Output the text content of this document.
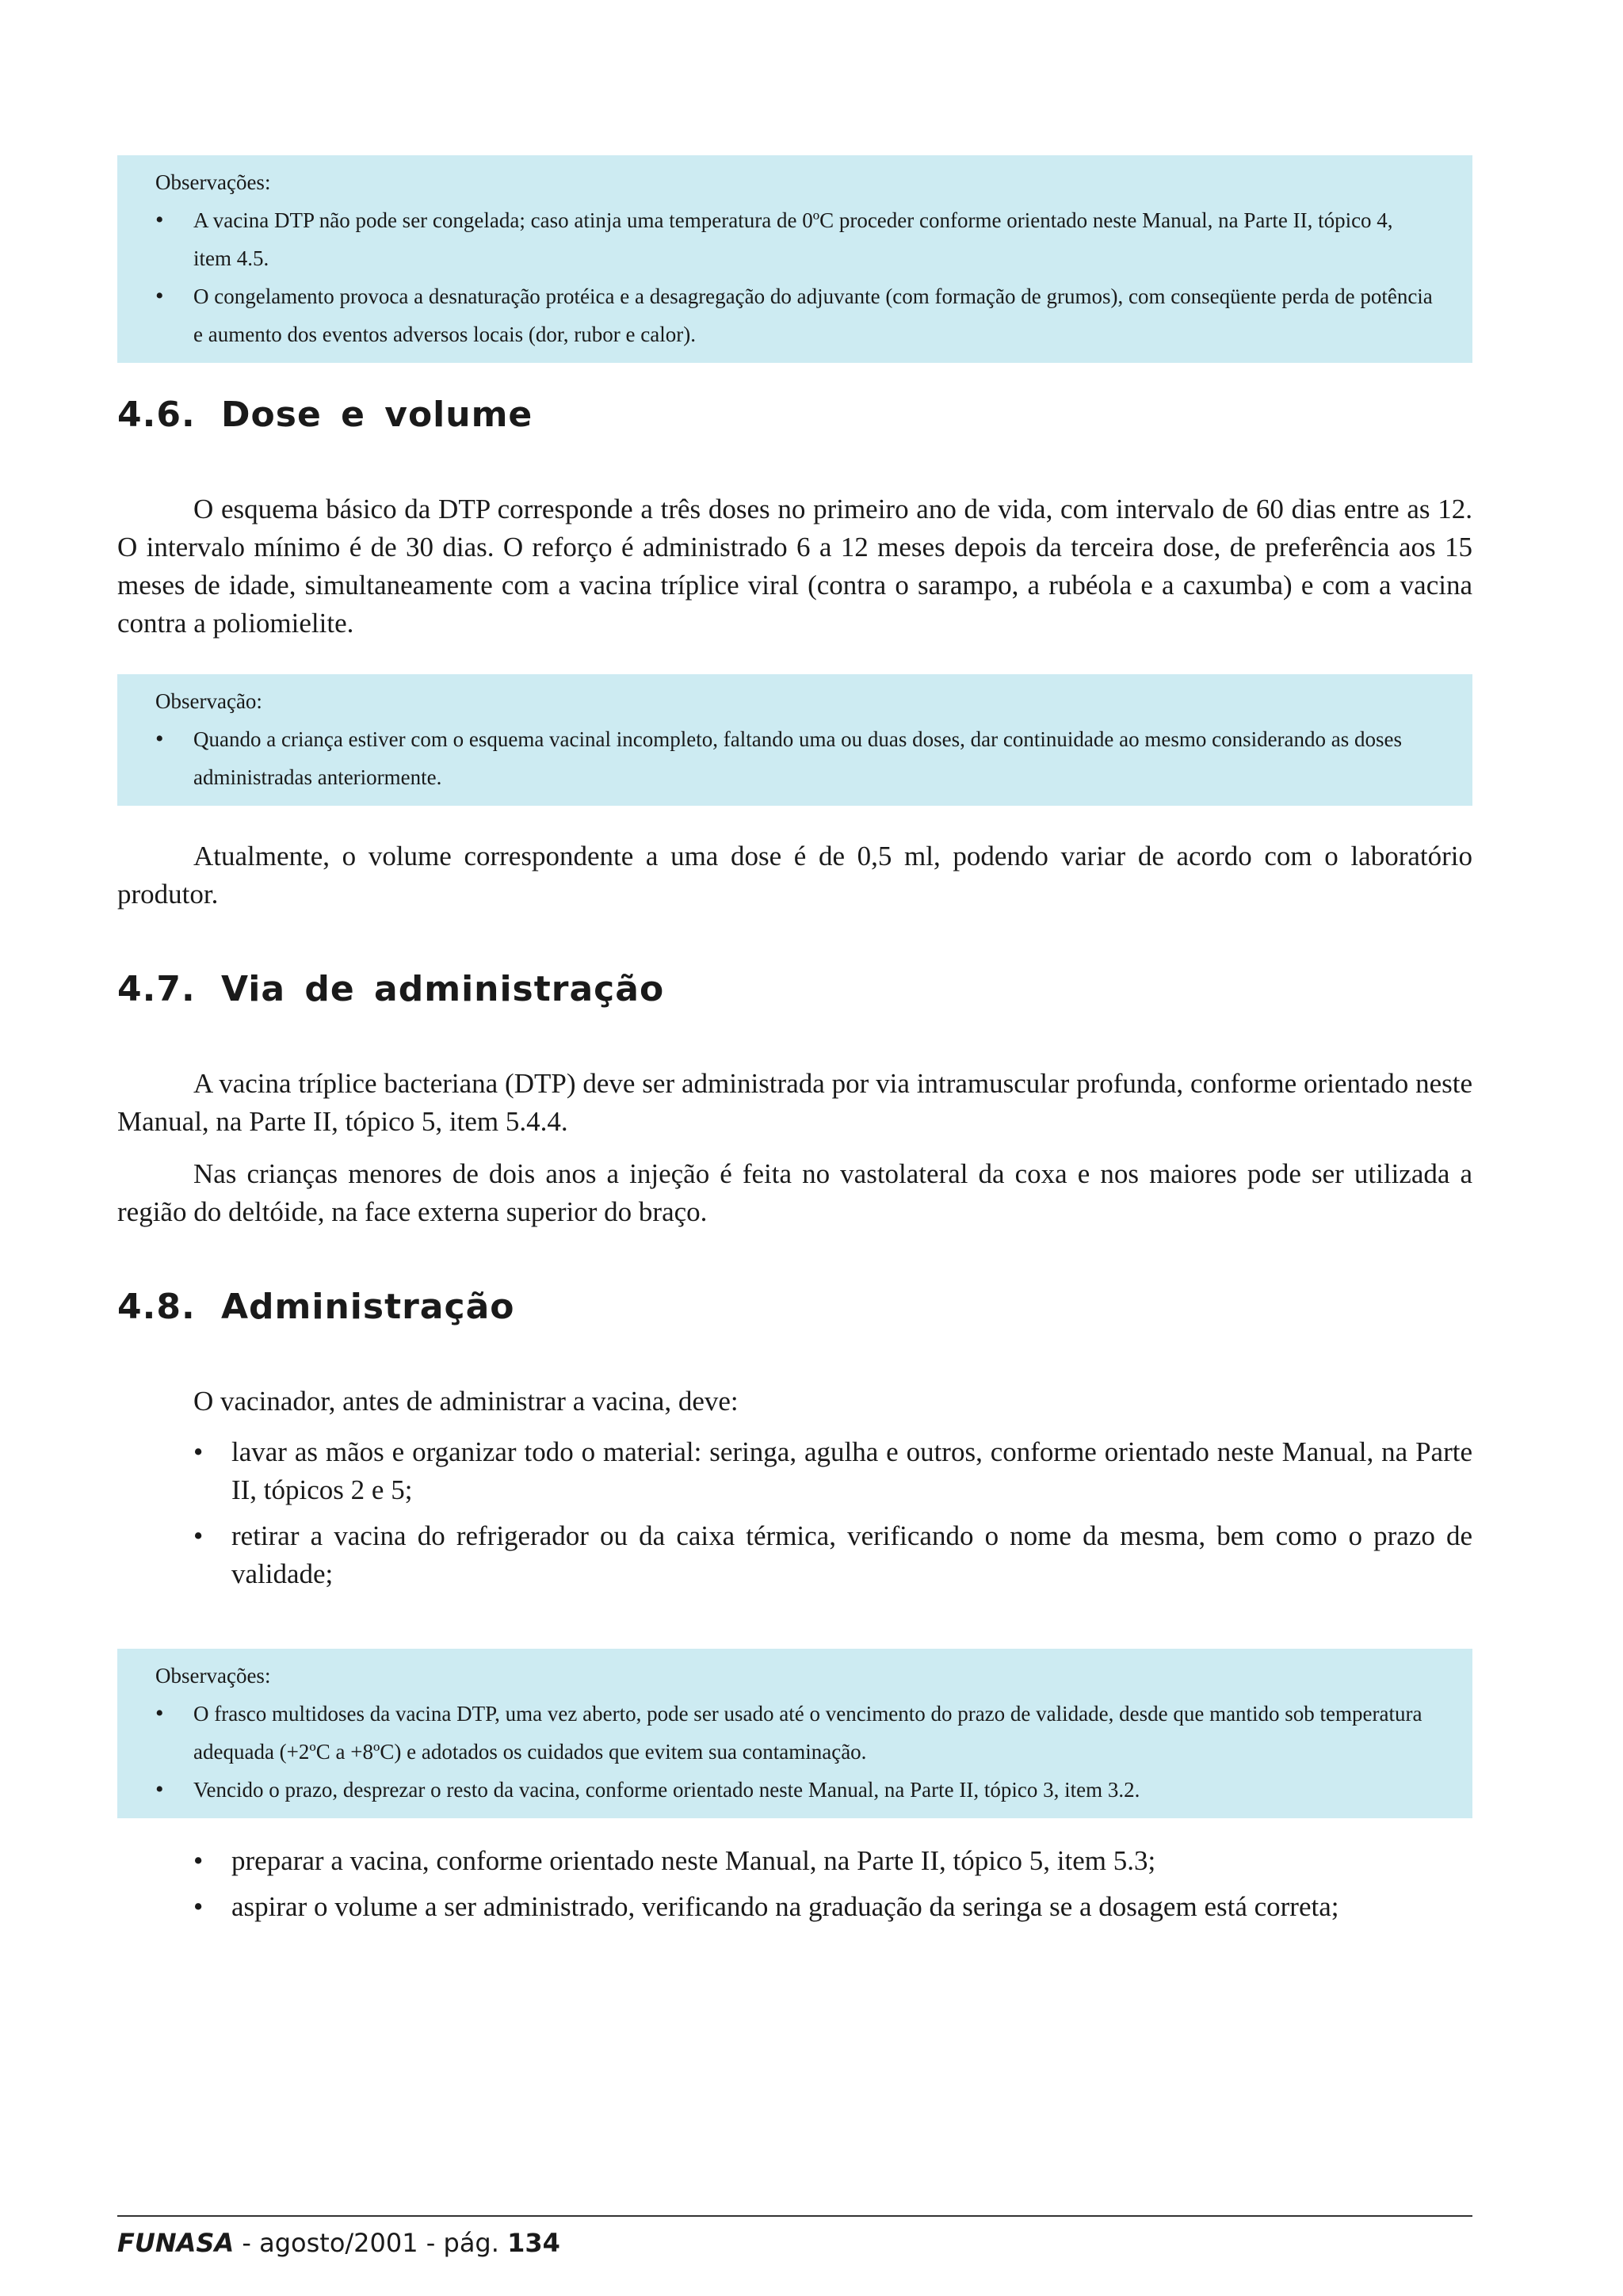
Observações:
• A vacina DTP não pode ser congelada; caso atinja uma temperatura de 0ºC proceder conforme orientado neste Manual, na Parte II, tópico 4, item 4.5.
• O congelamento provoca a desnaturação protéica e a desagregação do adjuvante (com formação de grumos), com conseqüente perda de potência e aumento dos eventos adversos locais (dor, rubor e calor).
4.6. Dose e volume

O esquema básico da DTP corresponde a três doses no primeiro ano de vida, com intervalo de 60 dias entre as 12. O intervalo mínimo é de 30 dias. O reforço é administrado 6 a 12 meses depois da terceira dose, de preferência aos 15 meses de idade, simultaneamente com a vacina tríplice viral (contra o sarampo, a rubéola e a caxumba) e com a vacina contra a poliomielite.

Observação:
• Quando a criança estiver com o esquema vacinal incompleto, faltando uma ou duas doses, dar continuidade ao mesmo considerando as doses administradas anteriormente.

Atualmente, o volume correspondente a uma dose é de 0,5 ml, podendo variar de acordo com o laboratório produtor.

4.7. Via de administração

A vacina tríplice bacteriana (DTP) deve ser administrada por via intramuscular profunda, conforme orientado neste Manual, na Parte II, tópico 5, item 5.4.4.

Nas crianças menores de dois anos a injeção é feita no vastolateral da coxa e nos maiores pode ser utilizada a região do deltóide, na face externa superior do braço.

4.8. Administração

O vacinador, antes de administrar a vacina, deve:

• lavar as mãos e organizar todo o material: seringa, agulha e outros, conforme orientado neste Manual, na Parte II, tópicos 2 e 5;
• retirar a vacina do refrigerador ou da caixa térmica, verificando o nome da mesma, bem como o prazo de validade;
Observações:
• O frasco multidoses da vacina DTP, uma vez aberto, pode ser usado até o vencimento do prazo de validade, desde que mantido sob temperatura adequada (+2ºC a +8ºC) e adotados os cuidados que evitem sua contaminação.
• Vencido o prazo, desprezar o resto da vacina, conforme orientado neste Manual, na Parte II, tópico 3, item 3.2.
• preparar a vacina, conforme orientado neste Manual, na Parte II, tópico 5, item 5.3;
• aspirar o volume a ser administrado, verificando na graduação da seringa se a dosagem está correta;
FUNASA - agosto/2001 - pág. 134
